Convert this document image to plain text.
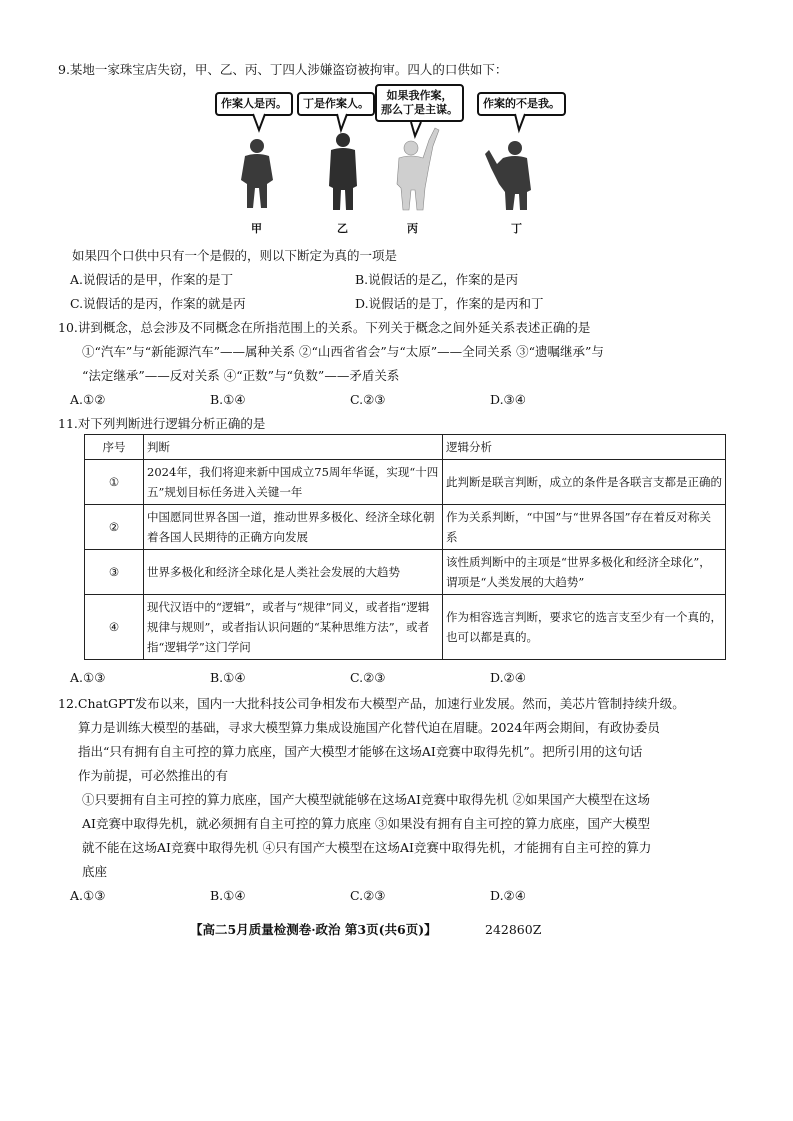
9.某地一家珠宝店失窃，甲、乙、丙、丁四人涉嫌盗窃被拘审。四人的口供如下：
作案人是丙。	丁是作案人。
如果我作案，
那么丁是主谋。	作案的不是我。
甲	乙	丙	丁
如果四个口供中只有一个是假的，则以下断定为真的一项是
A.说假话的是甲，作案的是丁	B.说假话的是乙，作案的是丙
C.说假话的是丙，作案的就是丙	D.说假话的是丁，作案的是丙和丁
10.讲到概念，总会涉及不同概念在所指范围上的关系。下列关于概念之间外延关系表述正确的是
①“汽车”与“新能源汽车”——属种关系 ②“山西省省会”与“太原”——全同关系 ③“遗嘱继承”与
“法定继承”——反对关系 ④“正数”与“负数”——矛盾关系
A.①②	B.①④	C.②③	D.③④
11.对下列判断进行逻辑分析正确的是
序号	判断	逻辑分析
①	2024年，我们将迎来新中国成立75周年华诞，实现“十四五”规划目标任务进入关键一年	此判断是联言判断，成立的条件是各联言支都是正确的
②	中国愿同世界各国一道，推动世界多极化、经济全球化朝着各国人民期待的正确方向发展	作为关系判断，“中国”与“世界各国”存在着反对称关系
③	世界多极化和经济全球化是人类社会发展的大趋势	该性质判断中的主项是“世界多极化和经济全球化”，谓项是“人类发展的大趋势”
④	现代汉语中的“逻辑”，或者与“规律”同义，或者指“逻辑规律与规则”，或者指认识问题的“某种思维方法”，或者指“逻辑学”这门学问	作为相容选言判断，要求它的选言支至少有一个真的，也可以都是真的。
A.①③	B.①④	C.②③	D.②④
12.ChatGPT发布以来，国内一大批科技公司争相发布大模型产品，加速行业发展。然而，美芯片管制持续升级。
算力是训练大模型的基础，寻求大模型算力集成设施国产化替代迫在眉睫。2024年两会期间，有政协委员
指出“只有拥有自主可控的算力底座，国产大模型才能够在这场AI竞赛中取得先机”。把所引用的这句话
作为前提，可必然推出的有
①只要拥有自主可控的算力底座，国产大模型就能够在这场AI竞赛中取得先机 ②如果国产大模型在这场
AI竞赛中取得先机，就必须拥有自主可控的算力底座 ③如果没有拥有自主可控的算力底座，国产大模型
就不能在这场AI竞赛中取得先机 ④只有国产大模型在这场AI竞赛中取得先机，才能拥有自主可控的算力
底座
A.①③	B.①④	C.②③	D.②④
【高二5月质量检测卷·政治 第3页(共6页)】	242860Z
